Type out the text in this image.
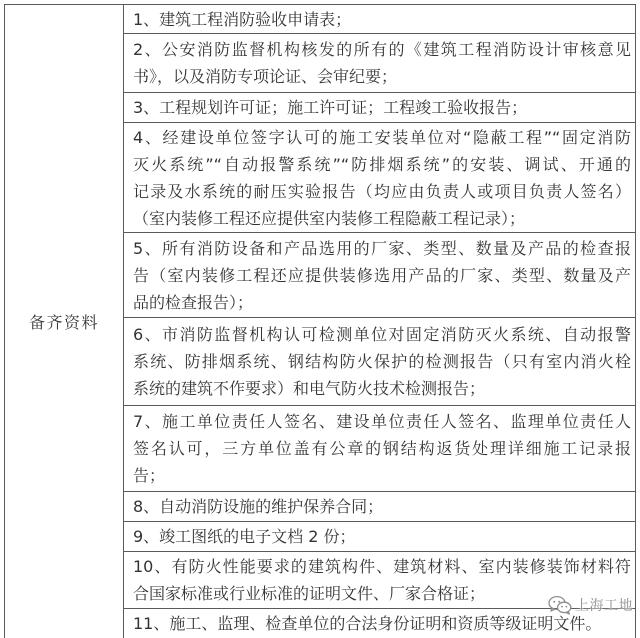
备齐资料
1、建筑工程消防验收申请表；
2、公安消防监督机构核发的所有的《建筑工程消防设计审核意见
书》，以及消防专项论证、会审纪要；
3、工程规划许可证；施工许可证；工程竣工验收报告；
4、经建设单位签字认可的施工安装单位对“隐蔽工程”“固定消防
灭火系统”“自动报警系统”“防排烟系统”的安装、调试、开通的
记录及水系统的耐压实验报告（均应由负责人或项目负责人签名）
（室内装修工程还应提供室内装修工程隐蔽工程记录）；
5、所有消防设备和产品选用的厂家、类型、数量及产品的检查报
告（室内装修工程还应提供装修选用产品的厂家、类型、数量及产
品的检查报告）；
6、市消防监督机构认可检测单位对固定消防灭火系统、自动报警
系统、防排烟系统、钢结构防火保护的检测报告（只有室内消火栓
系统的建筑不作要求）和电气防火技术检测报告；
7、施工单位责任人签名、建设单位责任人签名、监理单位责任人
签名认可，三方单位盖有公章的钢结构返货处理详细施工记录报
告；
8、自动消防设施的维护保养合同；
9、竣工图纸的电子文档 2 份；
10、有防火性能要求的建筑构件、建筑材料、室内装修装饰材料符
合国家标准或行业标准的证明文件、厂家合格证；
11、施工、监理、检查单位的合法身份证明和资质等级证明文件。
上海工地
